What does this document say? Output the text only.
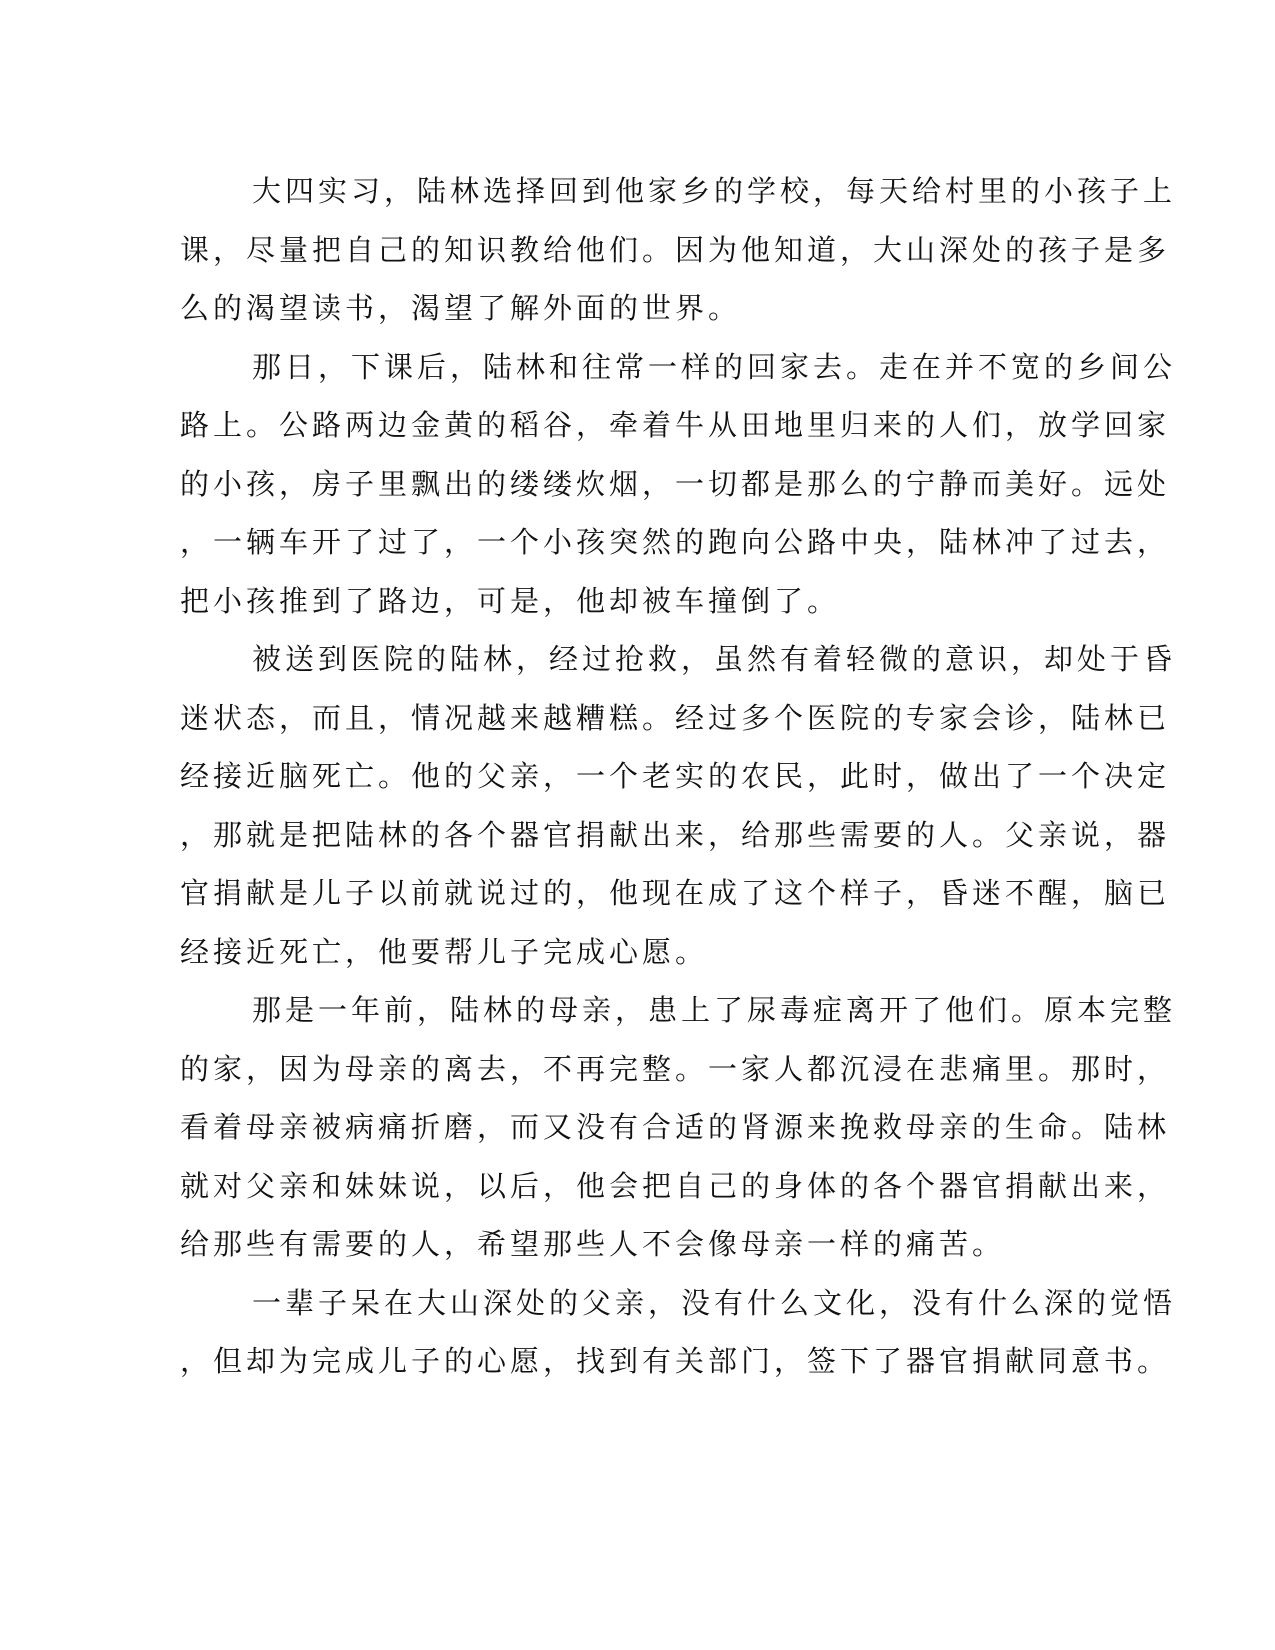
大四实习，陆林选择回到他家乡的学校，每天给村里的小孩子上
课，尽量把自己的知识教给他们。因为他知道，大山深处的孩子是多
么的渴望读书，渴望了解外面的世界。
那日，下课后，陆林和往常一样的回家去。走在并不宽的乡间公
路上。公路两边金黄的稻谷，牵着牛从田地里归来的人们，放学回家
的小孩，房子里飘出的缕缕炊烟，一切都是那么的宁静而美好。远处
，一辆车开了过了，一个小孩突然的跑向公路中央，陆林冲了过去，
把小孩推到了路边，可是，他却被车撞倒了。
被送到医院的陆林，经过抢救，虽然有着轻微的意识，却处于昏
迷状态，而且，情况越来越糟糕。经过多个医院的专家会诊，陆林已
经接近脑死亡。他的父亲，一个老实的农民，此时，做出了一个决定
，那就是把陆林的各个器官捐献出来，给那些需要的人。父亲说，器
官捐献是儿子以前就说过的，他现在成了这个样子，昏迷不醒，脑已
经接近死亡，他要帮儿子完成心愿。
那是一年前，陆林的母亲，患上了尿毒症离开了他们。原本完整
的家，因为母亲的离去，不再完整。一家人都沉浸在悲痛里。那时，
看着母亲被病痛折磨，而又没有合适的肾源来挽救母亲的生命。陆林
就对父亲和妹妹说，以后，他会把自己的身体的各个器官捐献出来，
给那些有需要的人，希望那些人不会像母亲一样的痛苦。
一辈子呆在大山深处的父亲，没有什么文化，没有什么深的觉悟
，但却为完成儿子的心愿，找到有关部门，签下了器官捐献同意书。
